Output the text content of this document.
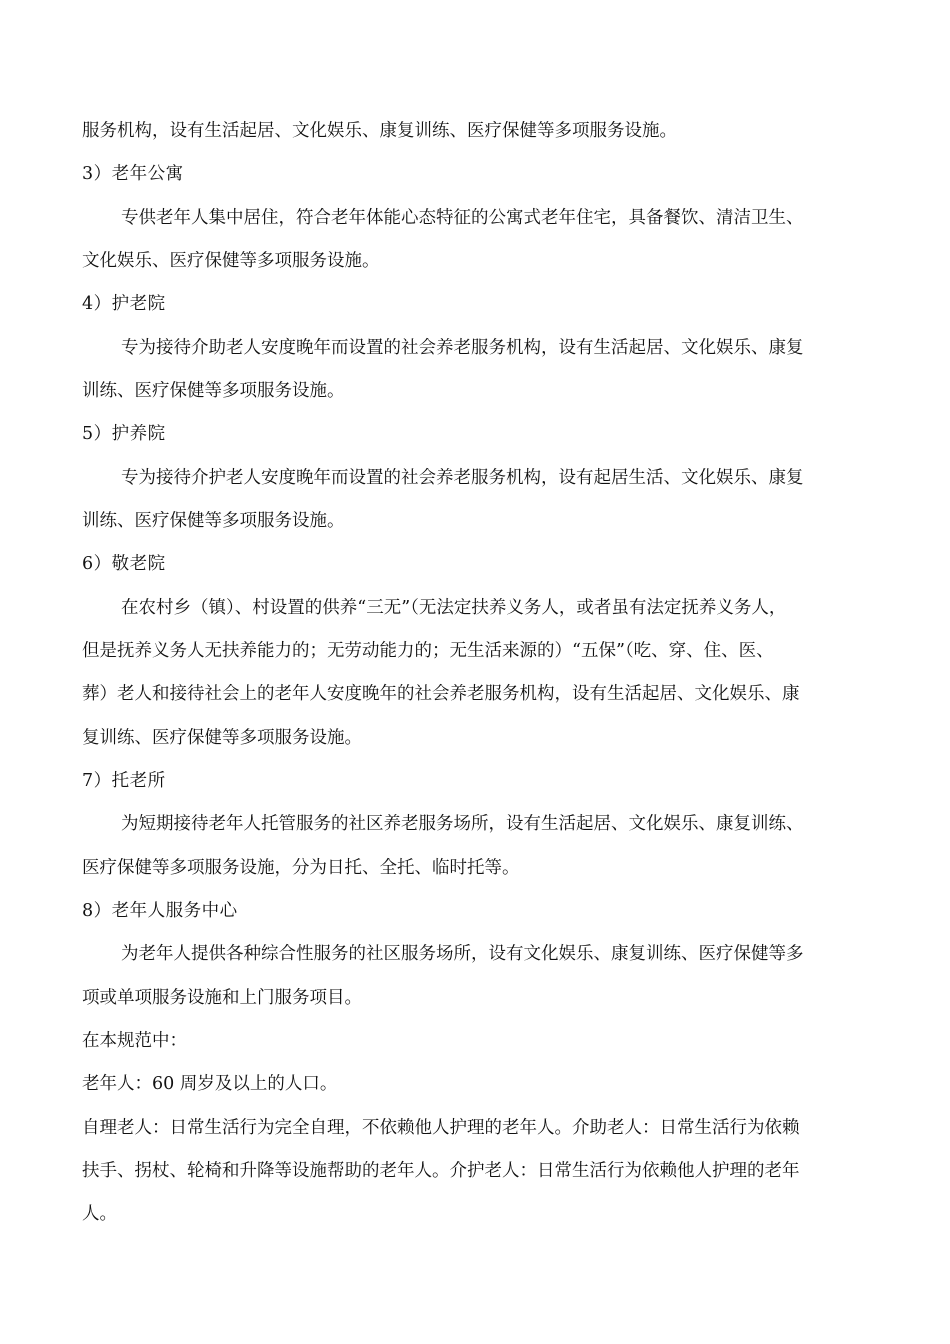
服务机构，设有生活起居、文化娱乐、康复训练、医疗保健等多项服务设施。
3）老年公寓
专供老年人集中居住，符合老年体能心态特征的公寓式老年住宅，具备餐饮、清洁卫生、
文化娱乐、医疗保健等多项服务设施。
4）护老院
专为接待介助老人安度晚年而设置的社会养老服务机构，设有生活起居、文化娱乐、康复
训练、医疗保健等多项服务设施。
5）护养院
专为接待介护老人安度晚年而设置的社会养老服务机构，设有起居生活、文化娱乐、康复
训练、医疗保健等多项服务设施。
6）敬老院
在农村乡（镇）、村设置的供养“三无”（无法定扶养义务人，或者虽有法定抚养义务人，
但是抚养义务人无扶养能力的；无劳动能力的；无生活来源的）“五保”（吃、穿、住、医、
葬）老人和接待社会上的老年人安度晚年的社会养老服务机构，设有生活起居、文化娱乐、康
复训练、医疗保健等多项服务设施。
7）托老所
为短期接待老年人托管服务的社区养老服务场所，设有生活起居、文化娱乐、康复训练、
医疗保健等多项服务设施，分为日托、全托、临时托等。
8）老年人服务中心
为老年人提供各种综合性服务的社区服务场所，设有文化娱乐、康复训练、医疗保健等多
项或单项服务设施和上门服务项目。
在本规范中：
老年人：60 周岁及以上的人口。
自理老人：日常生活行为完全自理，不依赖他人护理的老年人。介助老人：日常生活行为依赖
扶手、拐杖、轮椅和升降等设施帮助的老年人。介护老人：日常生活行为依赖他人护理的老年
人。
